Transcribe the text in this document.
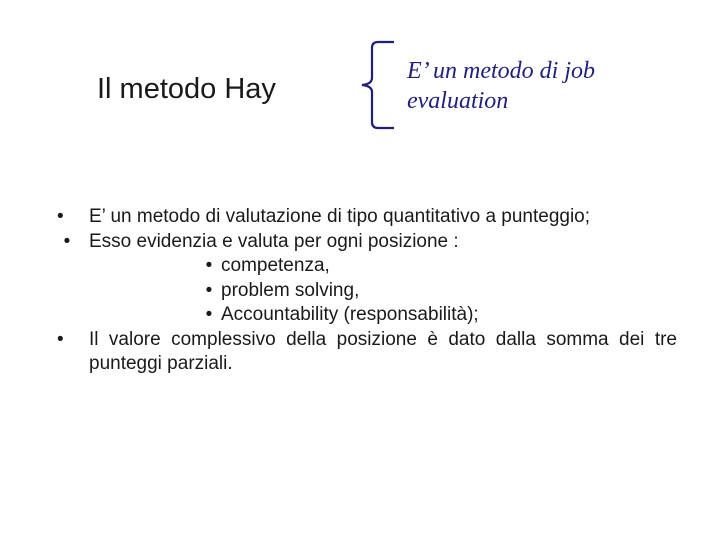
Il metodo Hay
E’ un metodo di job evaluation
•	E’ un metodo di valutazione di tipo quantitativo a punteggio;
• Esso evidenzia e valuta per ogni posizione :
• competenza,
• problem solving,
• Accountability (responsabilità);
•	Il valore complessivo della posizione è dato dalla somma dei tre punteggi parziali.
